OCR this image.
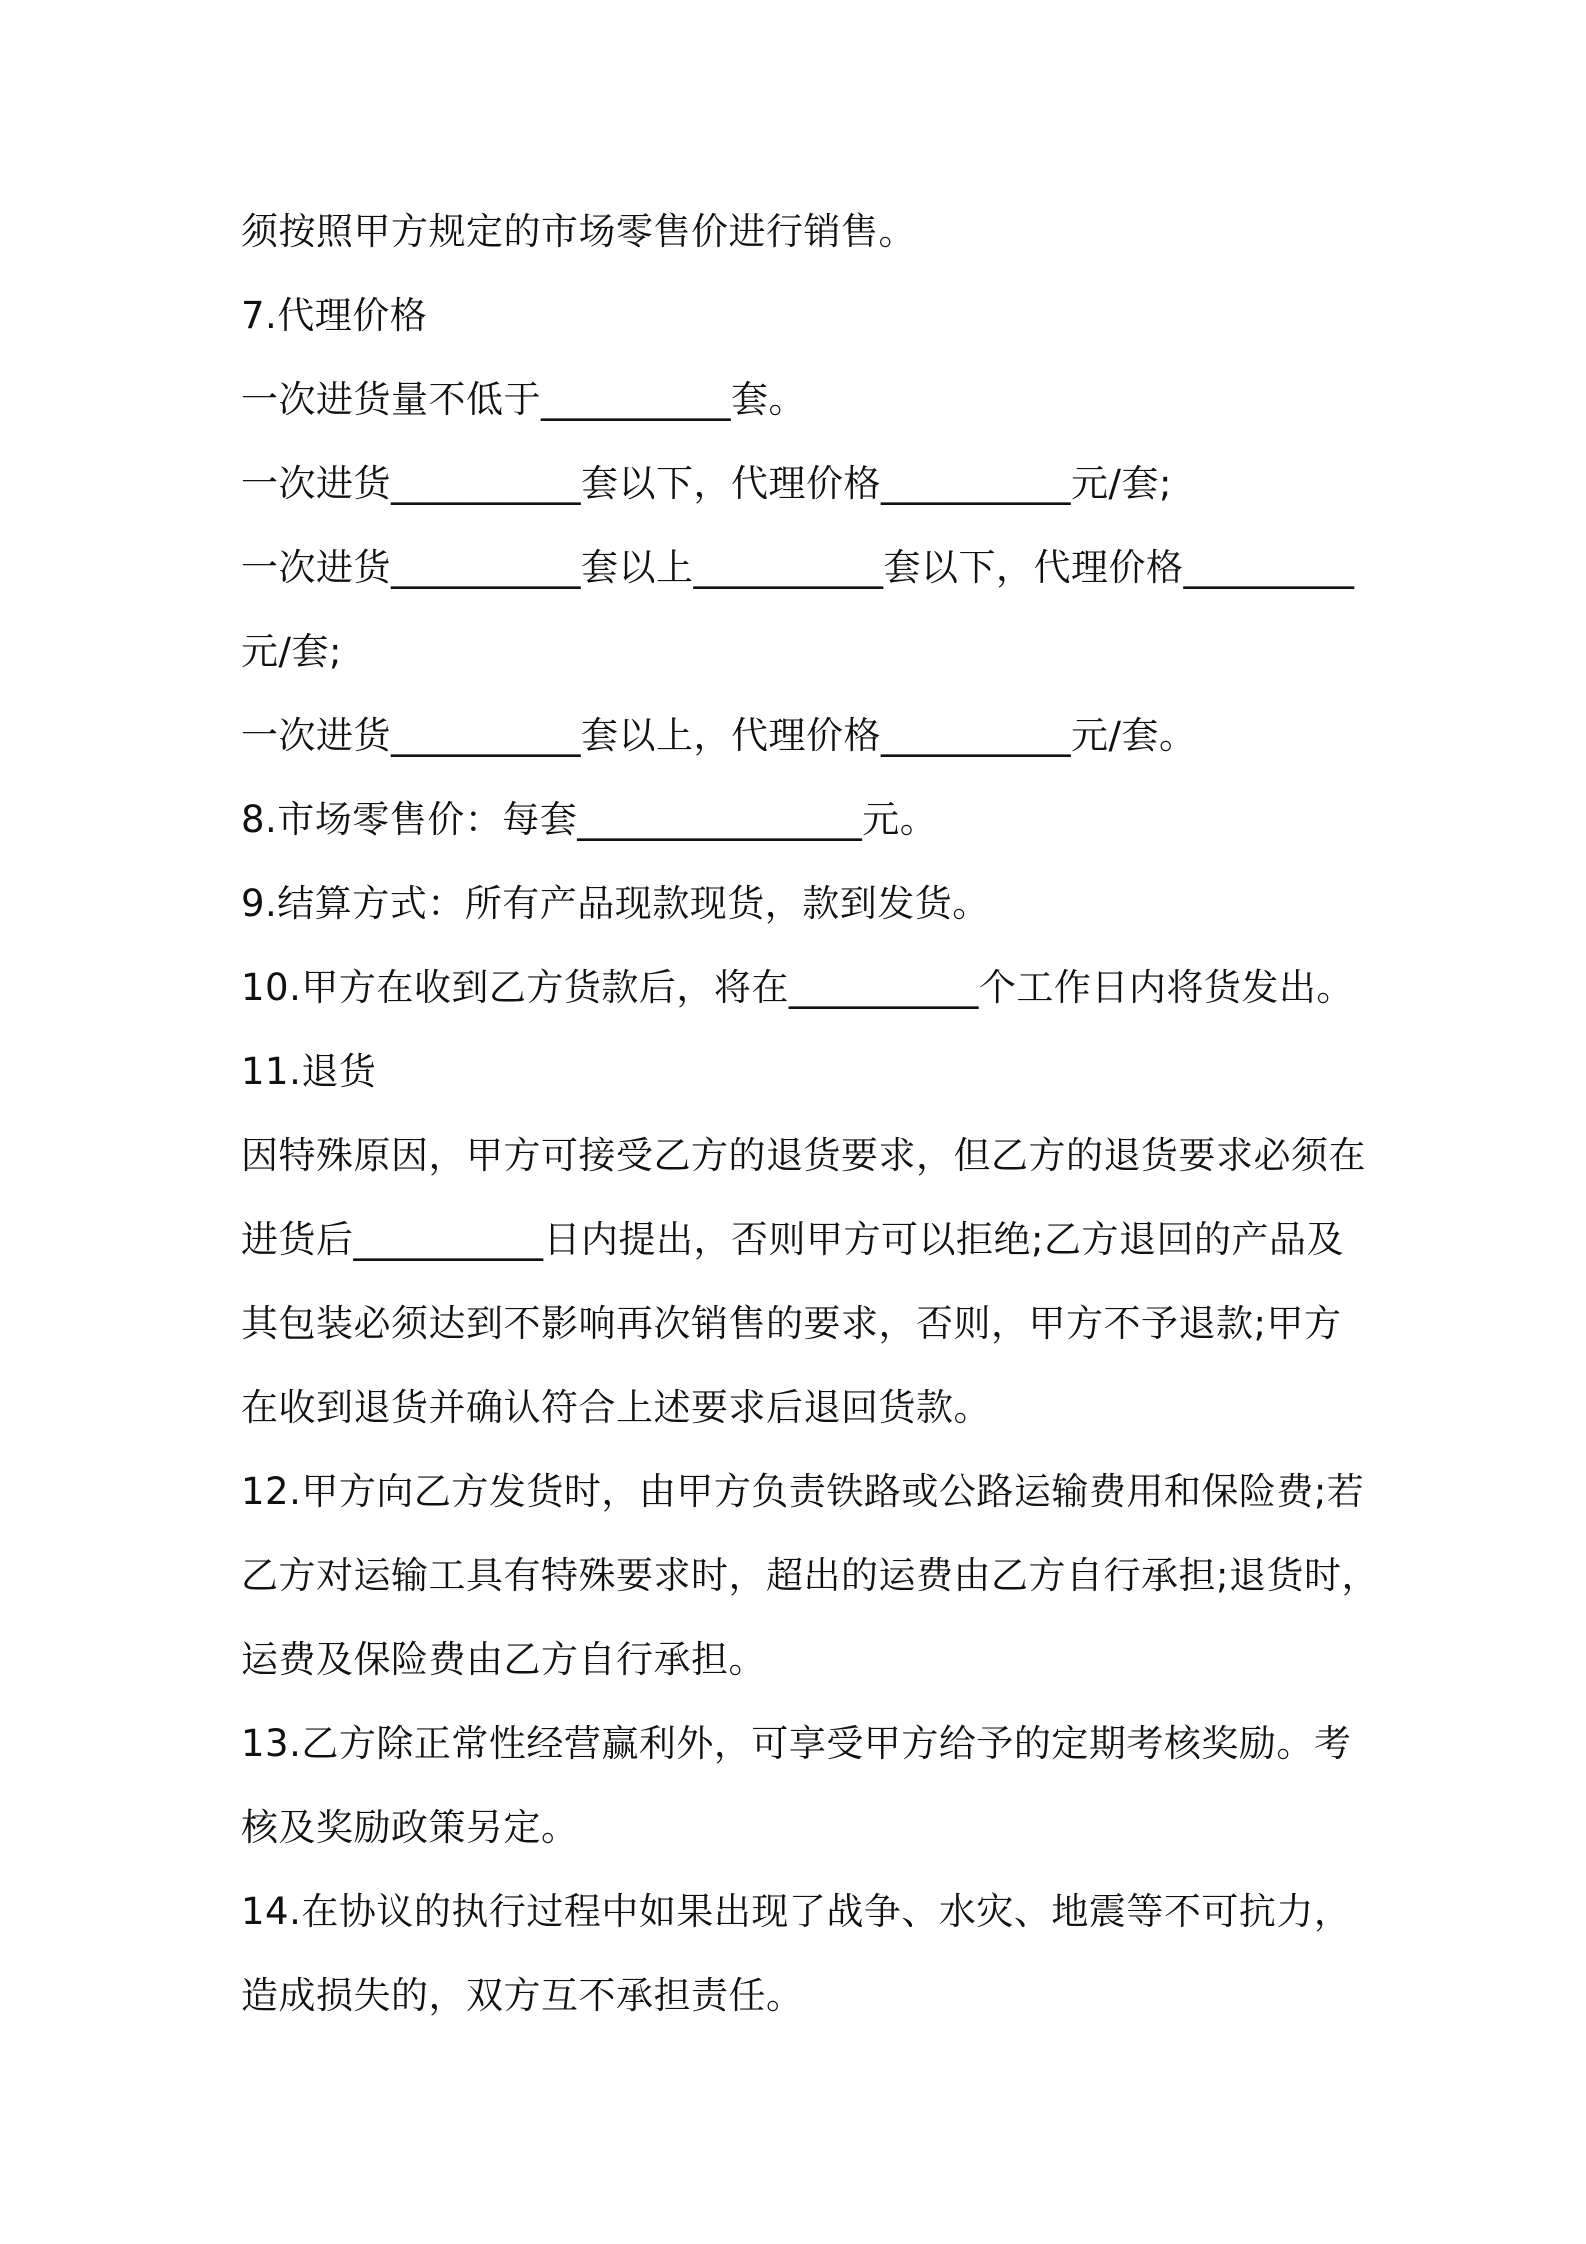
须按照甲方规定的市场零售价进行销售。
7.代理价格
一次进货量不低于__________套。
一次进货__________套以下，代理价格__________元/套;
一次进货__________套以上__________套以下，代理价格_________
元/套;
一次进货__________套以上，代理价格__________元/套。
8.市场零售价：每套_______________元。
9.结算方式：所有产品现款现货，款到发货。
10.甲方在收到乙方货款后，将在__________个工作日内将货发出。
11.退货
因特殊原因，甲方可接受乙方的退货要求，但乙方的退货要求必须在
进货后__________日内提出，否则甲方可以拒绝;乙方退回的产品及
其包装必须达到不影响再次销售的要求，否则，甲方不予退款;甲方
在收到退货并确认符合上述要求后退回货款。
12.甲方向乙方发货时，由甲方负责铁路或公路运输费用和保险费;若
乙方对运输工具有特殊要求时，超出的运费由乙方自行承担;退货时，
运费及保险费由乙方自行承担。
13.乙方除正常性经营赢利外，可享受甲方给予的定期考核奖励。考
核及奖励政策另定。
14.在协议的执行过程中如果出现了战争、水灾、地震等不可抗力，
造成损失的，双方互不承担责任。
